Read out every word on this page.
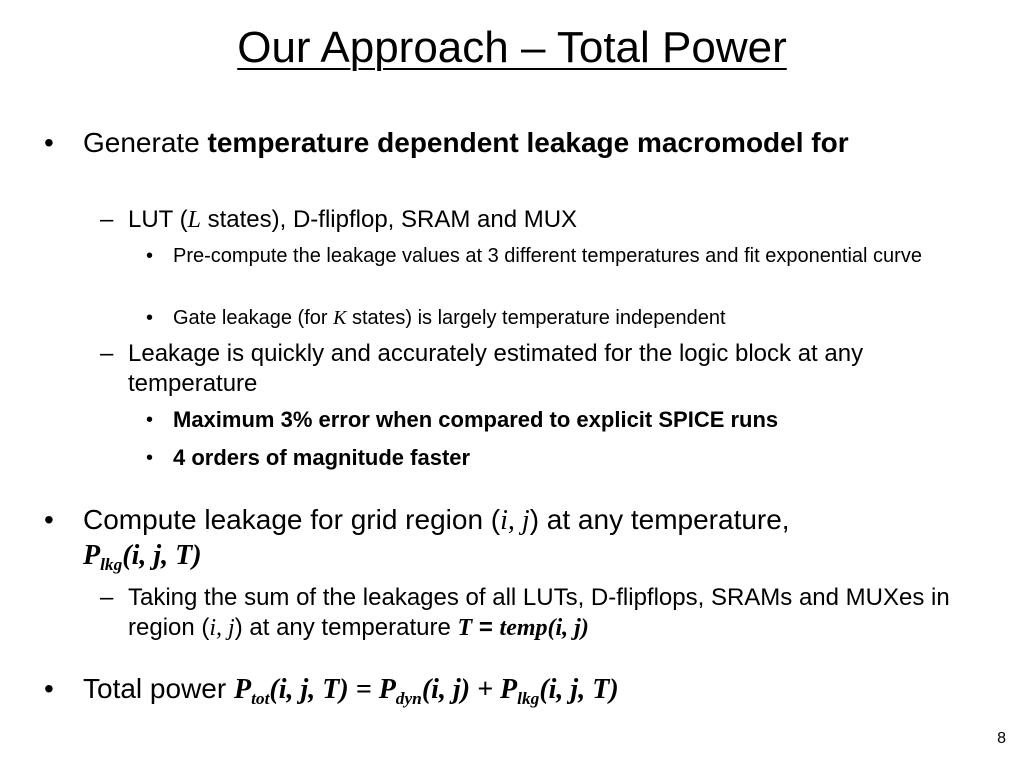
Our Approach – Total Power
• Generate temperature dependent leakage macromodel for
– LUT (L states), D-flipflop, SRAM and MUX
• Pre-compute the leakage values at 3 different temperatures and fit exponential curve
• Gate leakage (for K states) is largely temperature independent
– Leakage is quickly and accurately estimated for the logic block at any temperature
• Maximum 3% error when compared to explicit SPICE runs
• 4 orders of magnitude faster
• Compute leakage for grid region (i, j) at any temperature,
$P_{lkg}(i$, j, T)
– Taking the sum of the leakages of all LUTs, D-flipflops, SRAMs and MUXes in region (i, j) at any temperature T = temp(i, j)
• Total power $P_{tot}(i$, j, $T) = P_{dyn}(i$, $j) + P_{lkg}(i$, j, T)
8
